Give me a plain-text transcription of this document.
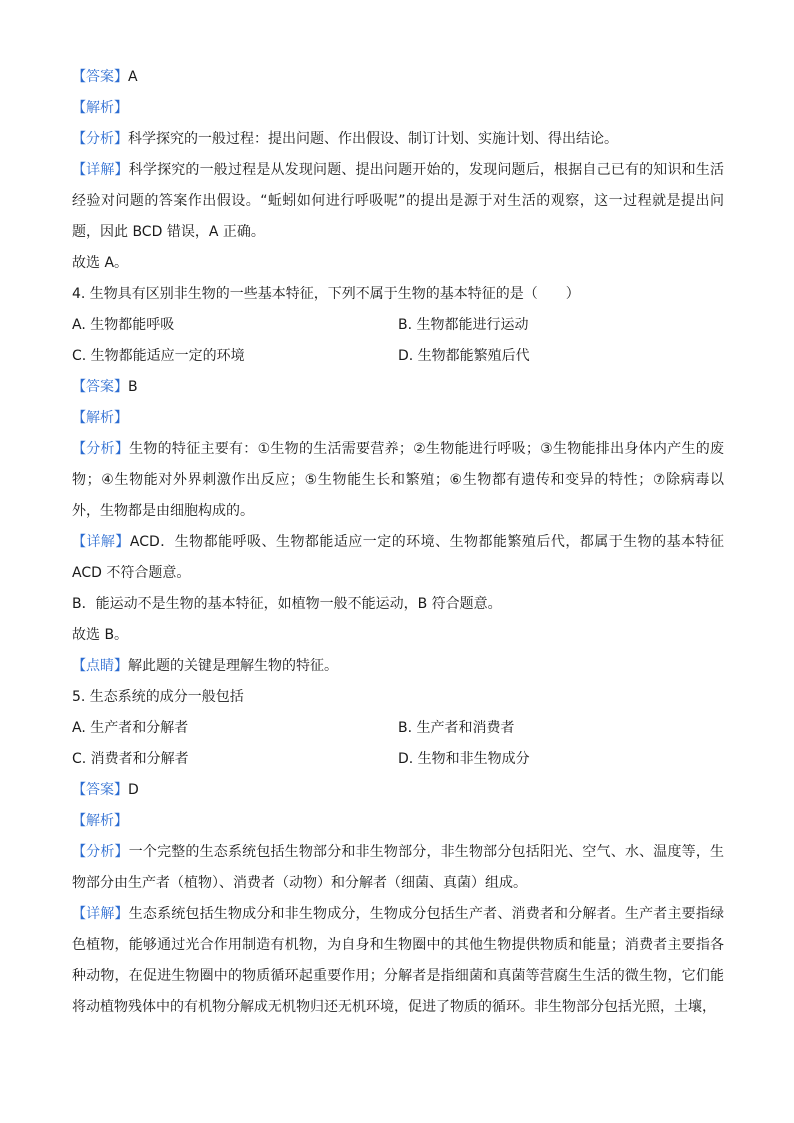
【答案】A
【解析】
【分析】科学探究的一般过程：提出问题、作出假设、制订计划、实施计划、得出结论。
【详解】科学探究的一般过程是从发现问题、提出问题开始的，发现问题后，根据自己已有的知识和生活经验对问题的答案作出假设。“蚯蚓如何进行呼吸呢”的提出是源于对生活的观察，这一过程就是提出问题，因此 BCD 错误，A 正确。
故选 A。
4. 生物具有区别非生物的一些基本特征，下列不属于生物的基本特征的是（　　）
A. 生物都能呼吸	B. 生物都能进行运动
C. 生物都能适应一定的环境	D. 生物都能繁殖后代
【答案】B
【解析】
【分析】生物的特征主要有：①生物的生活需要营养；②生物能进行呼吸；③生物能排出身体内产生的废物；④生物能对外界刺激作出反应；⑤生物能生长和繁殖；⑥生物都有遗传和变异的特性；⑦除病毒以外，生物都是由细胞构成的。
【详解】ACD．生物都能呼吸、生物都能适应一定的环境、生物都能繁殖后代，都属于生物的基本特征ACD 不符合题意。
B．能运动不是生物的基本特征，如植物一般不能运动，B 符合题意。
故选 B。
【点睛】解此题的关键是理解生物的特征。
5. 生态系统的成分一般包括
A. 生产者和分解者	B. 生产者和消费者
C. 消费者和分解者	D. 生物和非生物成分
【答案】D
【解析】
【分析】一个完整的生态系统包括生物部分和非生物部分，非生物部分包括阳光、空气、水、温度等，生物部分由生产者（植物）、消费者（动物）和分解者（细菌、真菌）组成。
【详解】生态系统包括生物成分和非生物成分，生物成分包括生产者、消费者和分解者。生产者主要指绿色植物，能够通过光合作用制造有机物，为自身和生物圈中的其他生物提供物质和能量；消费者主要指各种动物，在促进生物圈中的物质循环起重要作用；分解者是指细菌和真菌等营腐生生活的微生物，它们能将动植物残体中的有机物分解成无机物归还无机环境，促进了物质的循环。非生物部分包括光照，土壤，
